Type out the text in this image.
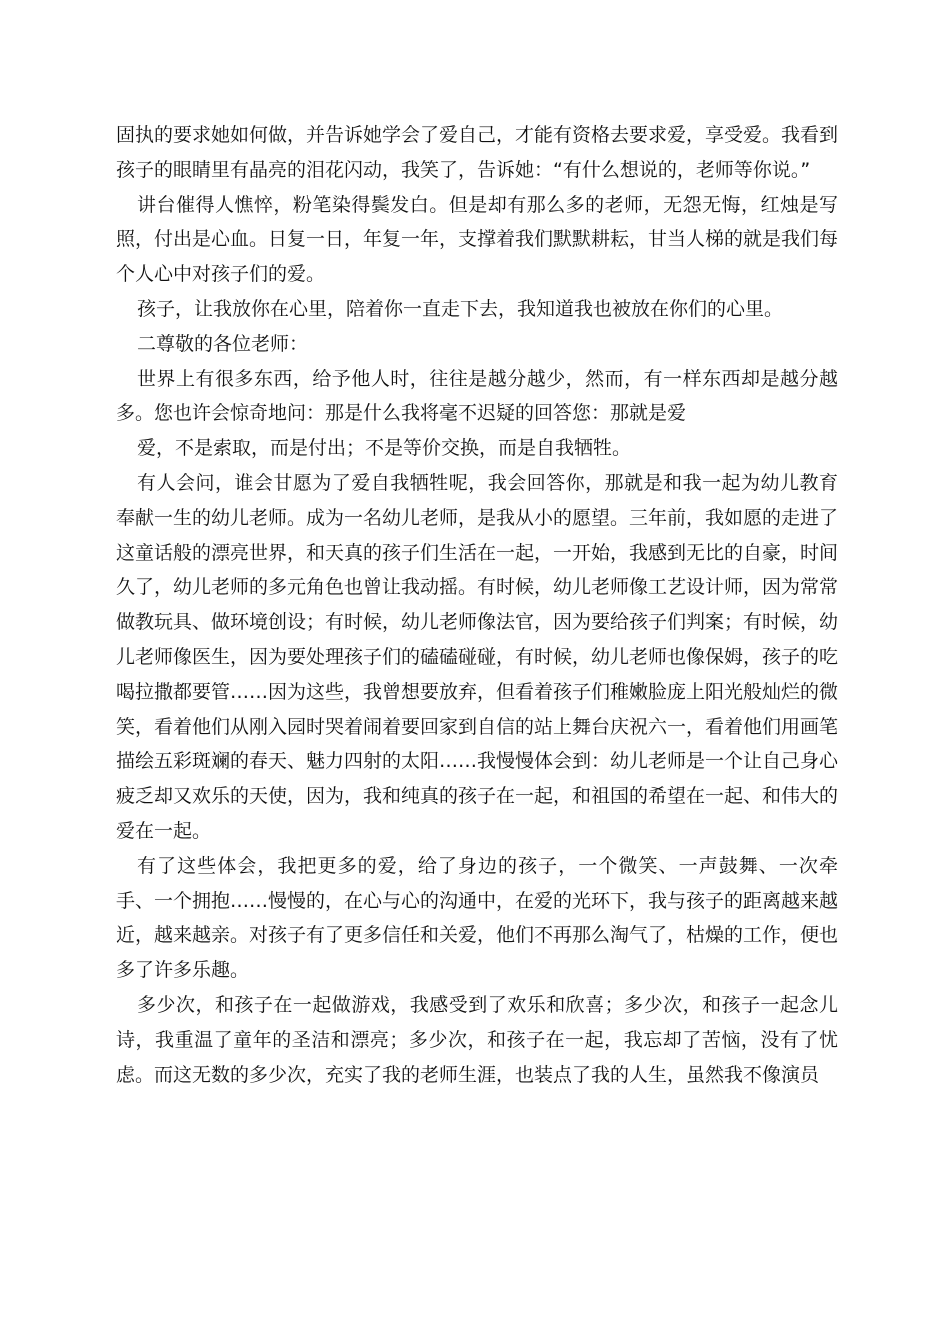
固执的要求她如何做，并告诉她学会了爱自己，才能有资格去要求爱，享受爱。我看到孩子的眼睛里有晶亮的泪花闪动，我笑了，告诉她：“有什么想说的，老师等你说。”

讲台催得人憔悴，粉笔染得鬓发白。但是却有那么多的老师，无怨无悔，红烛是写照，付出是心血。日复一日，年复一年，支撑着我们默默耕耘，甘当人梯的就是我们每个人心中对孩子们的爱。

孩子，让我放你在心里，陪着你一直走下去，我知道我也被放在你们的心里。

二尊敬的各位老师：

世界上有很多东西，给予他人时，往往是越分越少，然而，有一样东西却是越分越多。您也许会惊奇地问：那是什么我将毫不迟疑的回答您：那就是爱

爱，不是索取，而是付出；不是等价交换，而是自我牺牲。

有人会问，谁会甘愿为了爱自我牺牲呢，我会回答你，那就是和我一起为幼儿教育奉献一生的幼儿老师。成为一名幼儿老师，是我从小的愿望。三年前，我如愿的走进了这童话般的漂亮世界，和天真的孩子们生活在一起，一开始，我感到无比的自豪，时间久了，幼儿老师的多元角色也曾让我动摇。有时候，幼儿老师像工艺设计师，因为常常做教玩具、做环境创设；有时候，幼儿老师像法官，因为要给孩子们判案；有时候，幼儿老师像医生，因为要处理孩子们的磕磕碰碰，有时候，幼儿老师也像保姆，孩子的吃喝拉撒都要管……因为这些，我曾想要放弃，但看着孩子们稚嫩脸庞上阳光般灿烂的微笑，看着他们从刚入园时哭着闹着要回家到自信的站上舞台庆祝六一，看着他们用画笔描绘五彩斑斓的春天、魅力四射的太阳……我慢慢体会到：幼儿老师是一个让自己身心疲乏却又欢乐的天使，因为，我和纯真的孩子在一起，和祖国的希望在一起、和伟大的爱在一起。

有了这些体会，我把更多的爱，给了身边的孩子，一个微笑、一声鼓舞、一次牵手、一个拥抱……慢慢的，在心与心的沟通中，在爱的光环下，我与孩子的距离越来越近，越来越亲。对孩子有了更多信任和关爱，他们不再那么淘气了，枯燥的工作，便也多了许多乐趣。

多少次，和孩子在一起做游戏，我感受到了欢乐和欣喜；多少次，和孩子一起念儿诗，我重温了童年的圣洁和漂亮；多少次，和孩子在一起，我忘却了苦恼，没有了忧虑。而这无数的多少次，充实了我的老师生涯，也装点了我的人生，虽然我不像演员
